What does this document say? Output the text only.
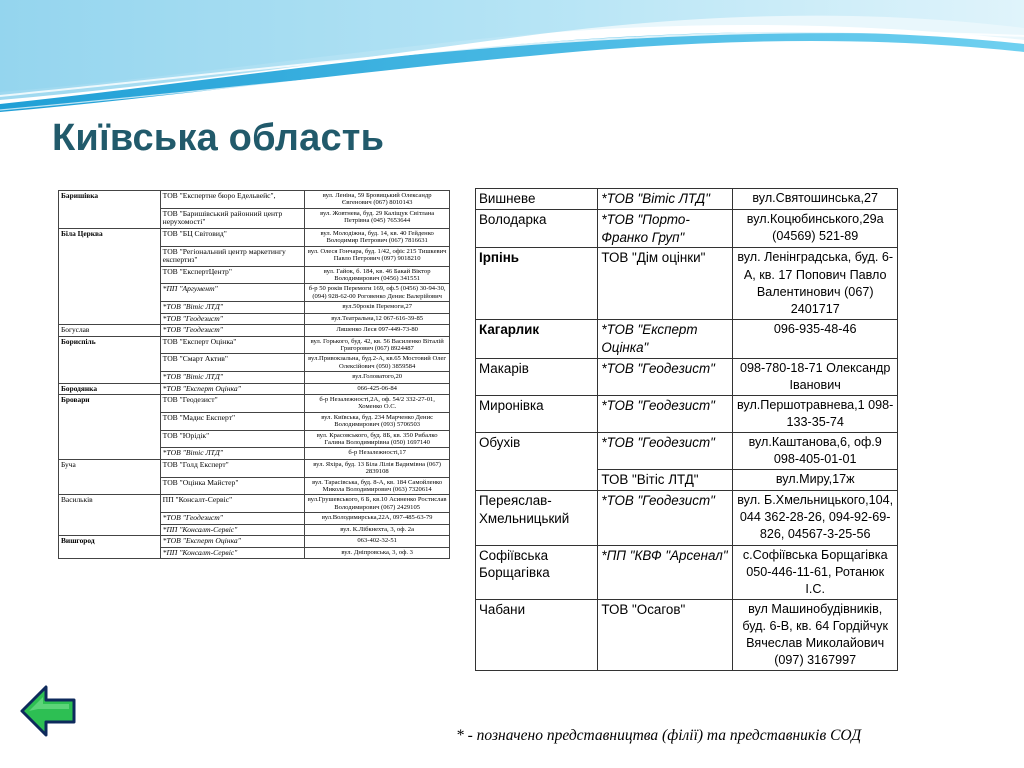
Київська область
Баришівка	ТОВ "Експертне бюро Едельвейс",	вул. Леніна, 59 Бровицький Олександр Євгенович (067) 8010143
	ТОВ "Баришівський районний центр нерухомості"	вул. Жовтнева, буд. 29 Каліщук Світлана Петрівна (045) 7653644
Біла Церква	ТОВ "БЦ Світовид"	вул. Молодіжна, буд. 14, кв. 40 Гейденко Володимир Петрович (067) 7816631
	ТОВ "Регіональний центр маркетингу експертиз"	вул. Олеся Гончара, буд. 1/42, офіс 215 Тишкевич Павло Петрович (097) 9018210
	ТОВ "ЕкспертЦентр"	вул. Гайок, б. 184, кв. 46 Бакай Віктор Володимирович (0456) 341551
	*ПП "Аргумент"	б-р 50 років Перемоги 169, оф.5 (0456) 30-94-30, (094) 928-62-00 Роговенко Денис Валерійович
	*ТОВ "Вітіс ЛТД"	вул.50років Перемоги,27
	*ТОВ "Геодезист"	вул.Театральна,12 067-616-39-85
Богуслав	*ТОВ "Геодезист"	Ляшенко Леся 097-449-73-80
Бориспіль	ТОВ "Експерт Оцінка"	вул. Горького, буд. 42, кв. 56 Василенко Віталій Григорович (067) 8924487
	ТОВ "Смарт Актив"	вул.Привокзальна, буд.2-А, кв.65 Мостовий Олег Олексійович (050) 3859584
	*ТОВ "Вітіс ЛТД"	вул.Головатого,20
Бородянка	*ТОВ "Експерт Оцінка"	066-425-06-84
Бровари	ТОВ "Геодезист"	б-р Незалежності,2А, оф. 54/2 332-27-01, Хоменко О.С.
	ТОВ "Мадис Експерт"	вул. Київська, буд. 234 Марченко Денис Володимирович (093) 5706503
	ТОВ "Юрідік"	вул. Красовського, буд. 8Б, кв. 350 Рибалко Галина Володимирівна (050) 1697140
	*ТОВ "Вітіс ЛТД"	б-р Незалежності,17
Буча	ТОВ "Голд Експерт"	вул. Яхіра, буд. 13 Біла Лілія Вадимівна (067) 2839108
	ТОВ "Оцінка Майстер"	вул. Тарасівська, буд. 8-А, кв. 184 Самойленко Микола Володимирович (063) 7320614
Васильків	ПП "Консалт-Сервіс"	вул.Грушевського, 6 Б, кв.10 Асиненко Ростислав Володимирович (067) 2429105
	*ТОВ "Геодезист"	вул.Володимирська,22А, 097-485-63-79
	*ПП "Консалт-Сервіс"	вул. К.Лібкнехта, 3, оф. 2а
Вишгород	*ТОВ "Експерт Оцінка"	063-402-32-51
	*ПП "Консалт-Сервіс"	вул. Дніпровська, 3, оф. 3
Вишневе	*ТОВ "Вітіс ЛТД"	вул.Святошинська,27
Володарка	*ТОВ "Порто-Франко Груп"	вул.Коцюбинського,29а (04569) 521-89
Ірпінь	ТОВ "Дім оцінки"	вул. Ленінградська, буд. 6-А, кв. 17 Попович Павло Валентинович (067) 2401717
Кагарлик	*ТОВ "Експерт Оцінка"	096-935-48-46
Макарів	*ТОВ "Геодезист"	098-780-18-71 Олександр Іванович
Миронівка	*ТОВ "Геодезист"	вул.Першотравнева,1 098-133-35-74
Обухів	*ТОВ "Геодезист"	вул.Каштанова,6, оф.9 098-405-01-01
	ТОВ "Вітіс ЛТД"	вул.Миру,17ж
Переяслав-Хмельницький	*ТОВ "Геодезист"	вул. Б.Хмельницького,104, 044 362-28-26, 094-92-69-826, 04567-3-25-56
Софіївська Борщагівка	*ПП "КВФ "Арсенал"	с.Софіївська Борщагівка 050-446-11-61, Ротанюк І.С.
Чабани	ТОВ "Осагов"	вул Машинобудівників, буд. 6-В, кв. 64 Гордійчук Вячеслав Миколайович (097) 3167997

* - позначено представництва (філії) та представників СОД
